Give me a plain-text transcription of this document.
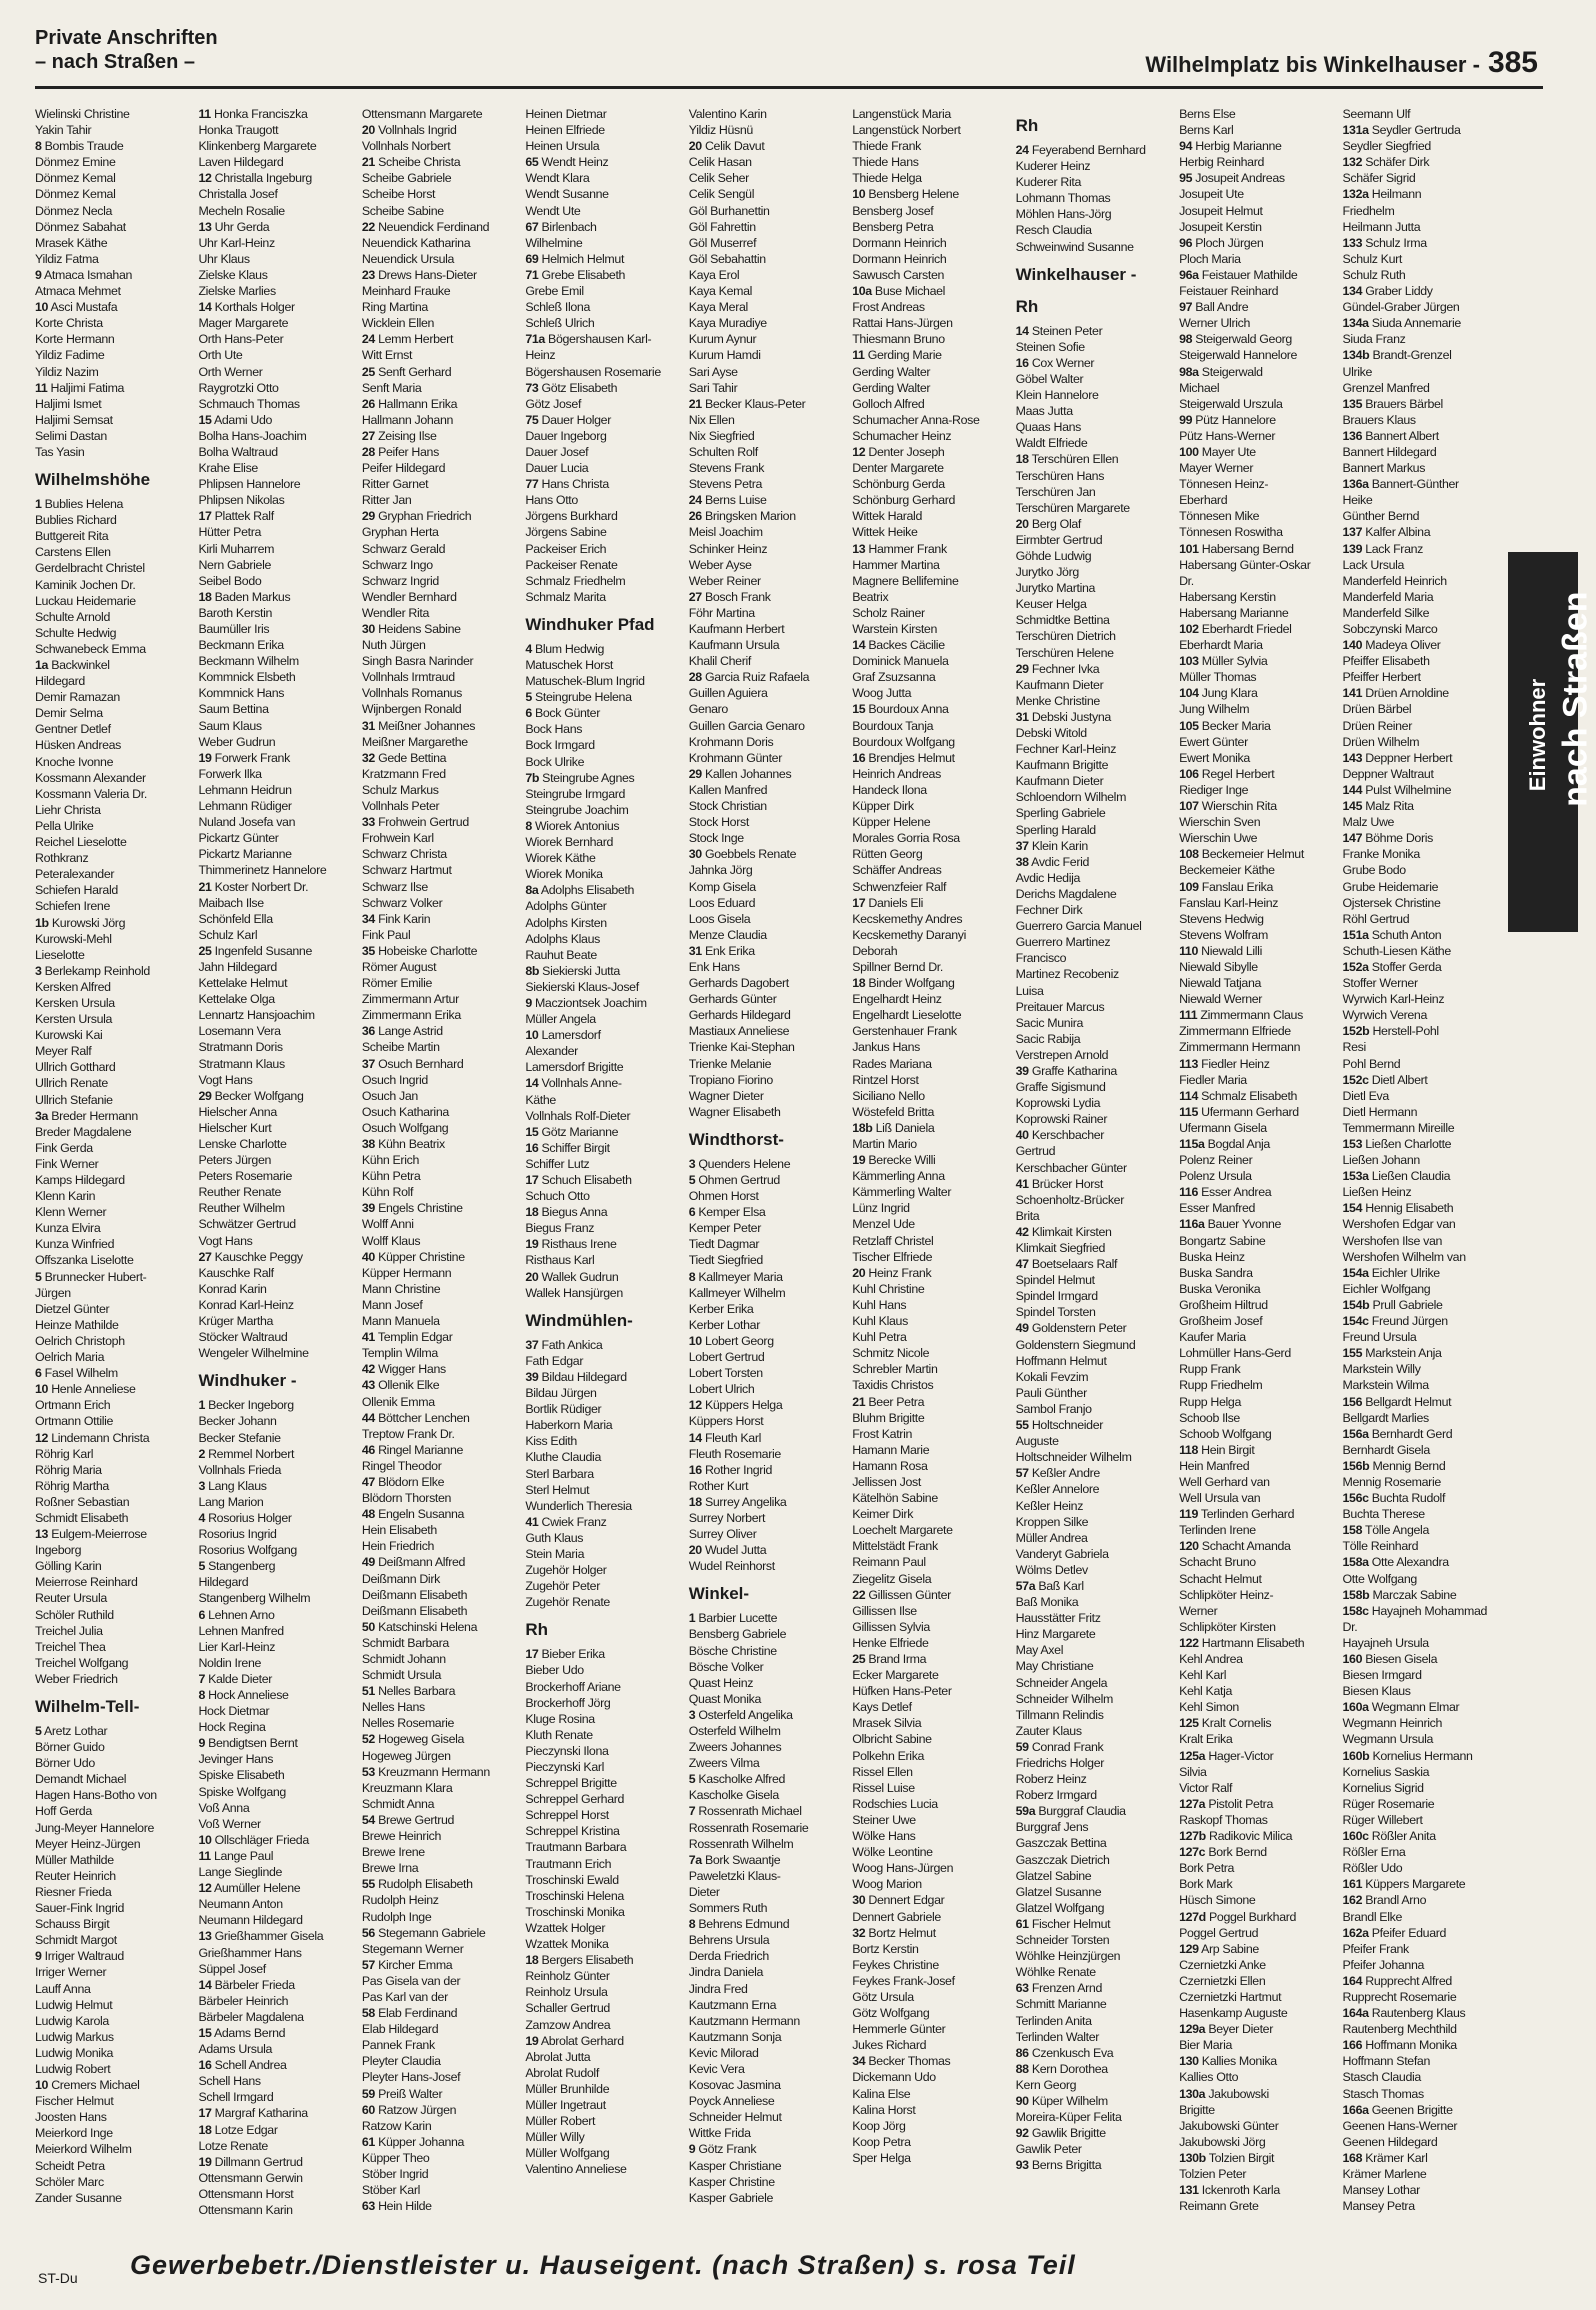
Private Anschriften
– nach Straßen –	Wilhelmplatz bis Winkelhauser - 385
Wielinski Christine
Yakin Tahir
8 Bombis Traude
Dönmez Emine
Dönmez Kemal
Dönmez Kemal
Dönmez Necla
Dönmez Sabahat
Mrasek Käthe
Yildiz Fatma
9 Atmaca Ismahan
Atmaca Mehmet
10 Asci Mustafa
Korte Christa
Korte Hermann
Yildiz Fadime
Yildiz Nazim
11 Haljimi Fatima
Haljimi Ismet
Haljimi Semsat
Selimi Dastan
Tas Yasin
Wilhelmshöhe
1 Bublies Helena
Bublies Richard
Buttgereit Rita
Carstens Ellen
Gerdelbracht Christel
Kaminik Jochen Dr.
Luckau Heidemarie
Schulte Arnold
Schulte Hedwig
Schwanebeck Emma
1a Backwinkel
Hildegard
Demir Ramazan
Demir Selma
Gentner Detlef
Hüsken Andreas
Knoche Ivonne
Kossmann Alexander
Kossmann Valeria Dr.
Liehr Christa
Pella Ulrike
Reichel Lieselotte
Rothkranz
Peteralexander
Schiefen Harald
Schiefen Irene
1b Kurowski Jörg
Kurowski-Mehl
Lieselotte
3 Berlekamp Reinhold
Kersken Alfred
Kersken Ursula
Kersten Ursula
Kurowski Kai
Meyer Ralf
Ullrich Gotthard
Ullrich Renate
Ullrich Stefanie
3a Breder Hermann
Breder Magdalene
Fink Gerda
Fink Werner
Kamps Hildegard
Klenn Karin
Klenn Werner
Kunza Elvira
Kunza Winfried
Offszanka Liselotte
5 Brunnecker Hubert-
Jürgen
Dietzel Günter
Heinze Mathilde
Oelrich Christoph
Oelrich Maria
6 Fasel Wilhelm
10 Henle Anneliese
Ortmann Erich
Ortmann Ottilie
12 Lindemann Christa
Röhrig Karl
Röhrig Maria
Röhrig Martha
Roßner Sebastian
Schmidt Elisabeth
13 Eulgem-Meierrose
Ingeborg
Gölling Karin
Meierrose Reinhard
Reuter Ursula
Schöler Ruthild
Treichel Julia
Treichel Thea
Treichel Wolfgang
Weber Friedrich
Wilhelm-Tell-
5 Aretz Lothar
Börner Guido
Börner Udo
Demandt Michael
Hagen Hans-Botho von
Hoff Gerda
Jung-Meyer Hannelore
Meyer Heinz-Jürgen
Müller Mathilde
Reuter Heinrich
Riesner Frieda
Sauer-Fink Ingrid
Schauss Birgit
Schmidt Margot
9 Irriger Waltraud
Irriger Werner
Lauff Anna
Ludwig Helmut
Ludwig Karola
Ludwig Markus
Ludwig Monika
Ludwig Robert
10 Cremers Michael
Fischer Helmut
Joosten Hans
Meierkord Inge
Meierkord Wilhelm
Scheidt Petra
Schöler Marc
Zander Susanne
11 Honka Franciszka
Honka Traugott
Klinkenberg Margarete
Laven Hildegard
12 Christalla Ingeburg
Christalla Josef
Mecheln Rosalie
13 Uhr Gerda
Uhr Karl-Heinz
Uhr Klaus
Zielske Klaus
Zielske Marlies
14 Korthals Holger
Mager Margarete
Orth Hans-Peter
Orth Ute
Orth Werner
Raygrotzki Otto
Schmauch Thomas
15 Adami Udo
Bolha Hans-Joachim
Bolha Waltraud
Krahe Elise
Phlipsen Hannelore
Phlipsen Nikolas
17 Plattek Ralf
Hütter Petra
Kirli Muharrem
Nern Gabriele
Seibel Bodo
18 Baden Markus
Baroth Kerstin
Baumüller Iris
Beckmann Erika
Beckmann Wilhelm
Kommnick Elsbeth
Kommnick Hans
Saum Bettina
Saum Klaus
Weber Gudrun
19 Forwerk Frank
Forwerk Ilka
Lehmann Heidrun
Lehmann Rüdiger
Nuland Josefa van
Pickartz Günter
Pickartz Marianne
Thimmerinetz Hannelore
21 Koster Norbert Dr.
Maibach Ilse
Schönfeld Ella
Schulz Karl
25 Ingenfeld Susanne
Jahn Hildegard
Kettelake Helmut
Kettelake Olga
Lennartz Hansjoachim
Losemann Vera
Stratmann Doris
Stratmann Klaus
Vogt Hans
29 Becker Wolfgang
Hielscher Anna
Hielscher Kurt
Lenske Charlotte
Peters Jürgen
Peters Rosemarie
Reuther Renate
Reuther Wilhelm
Schwätzer Gertrud
Vogt Hans
27 Kauschke Peggy
Kauschke Ralf
Konrad Karin
Konrad Karl-Heinz
Krüger Martha
Stöcker Waltraud
Wengeler Wilhelmine
Windhuker -
1 Becker Ingeborg
Becker Johann
Becker Stefanie
2 Remmel Norbert
Vollnhals Frieda
3 Lang Klaus
Lang Marion
4 Rosorius Holger
Rosorius Ingrid
Rosorius Wolfgang
5 Stangenberg
Hildegard
Stangenberg Wilhelm
6 Lehnen Arno
Lehnen Manfred
Lier Karl-Heinz
Noldin Irene
7 Kalde Dieter
8 Hock Anneliese
Hock Dietmar
Hock Regina
9 Bendigtsen Bernt
Jevinger Hans
Spiske Elisabeth
Spiske Wolfgang
Voß Anna
Voß Werner
10 Ollschläger Frieda
11 Lange Paul
Lange Sieglinde
12 Aumüller Helene
Neumann Anton
Neumann Hildegard
13 Grießhammer Gisela
Grießhammer Hans
Süppel Josef
14 Bärbeler Frieda
Bärbeler Heinrich
Bärbeler Magdalena
15 Adams Bernd
Adams Ursula
16 Schell Andrea
Schell Hans
Schell Irmgard
17 Margraf Katharina
18 Lotze Edgar
Lotze Renate
19 Dillmann Gertrud
Ottensmann Gerwin
Ottensmann Horst
Ottensmann Karin
Ottensmann Margarete
20 Vollnhals Ingrid
Vollnhals Norbert
21 Scheibe Christa
Scheibe Gabriele
Scheibe Horst
Scheibe Sabine
22 Neuendick Ferdinand
Neuendick Katharina
Neuendick Ursula
23 Drews Hans-Dieter
Meinhard Frauke
Ring Martina
Wicklein Ellen
24 Lemm Herbert
Witt Ernst
25 Senft Gerhard
Senft Maria
26 Hallmann Erika
Hallmann Johann
27 Zeising Ilse
28 Peifer Hans
Peifer Hildegard
Ritter Garnet
Ritter Jan
29 Gryphan Friedrich
Gryphan Herta
Schwarz Gerald
Schwarz Ingo
Schwarz Ingrid
Wendler Bernhard
Wendler Rita
30 Heidens Sabine
Nuth Jürgen
Singh Basra Narinder
Vollnhals Irmtraud
Vollnhals Romanus
Wijnbergen Ronald
31 Meißner Johannes
Meißner Margarethe
32 Gede Bettina
Kratzmann Fred
Schulz Markus
Vollnhals Peter
33 Frohwein Gertrud
Frohwein Karl
Schwarz Christa
Schwarz Hartmut
Schwarz Ilse
Schwarz Volker
34 Fink Karin
Fink Paul
35 Hobeiske Charlotte
Römer August
Römer Emilie
Zimmermann Artur
Zimmermann Erika
36 Lange Astrid
Scheibe Martin
37 Osuch Bernhard
Osuch Ingrid
Osuch Jan
Osuch Katharina
Osuch Wolfgang
38 Kühn Beatrix
Kühn Erich
Kühn Petra
Kühn Rolf
39 Engels Christine
Wolff Anni
Wolff Klaus
40 Küpper Christine
Küpper Hermann
Mann Christine
Mann Josef
Mann Manuela
41 Templin Edgar
Templin Wilma
42 Wigger Hans
43 Ollenik Elke
Ollenik Emma
44 Böttcher Lenchen
Treptow Frank Dr.
46 Ringel Marianne
Ringel Theodor
47 Blödorn Elke
Blödorn Thorsten
48 Engeln Susanna
Hein Elisabeth
Hein Friedrich
49 Deißmann Alfred
Deißmann Dirk
Deißmann Elisabeth
Deißmann Elisabeth
50 Katschinski Helena
Schmidt Barbara
Schmidt Johann
Schmidt Ursula
51 Nelles Barbara
Nelles Hans
Nelles Rosemarie
52 Hogeweg Gisela
Hogeweg Jürgen
53 Kreuzmann Hermann
Kreuzmann Klara
Schmidt Anna
54 Brewe Gertrud
Brewe Heinrich
Brewe Irene
Brewe Irna
55 Rudolph Elisabeth
Rudolph Heinz
Rudolph Inge
56 Stegemann Gabriele
Stegemann Werner
57 Kircher Emma
Pas Gisela van der
Pas Karl van der
58 Elab Ferdinand
Elab Hildegard
Pannek Frank
Pleyter Claudia
Pleyter Hans-Josef
59 Preiß Walter
60 Ratzow Jürgen
Ratzow Karin
61 Küpper Johanna
Küpper Theo
Stöber Ingrid
Stöber Karl
63 Hein Hilde
Heinen Dietmar
Heinen Elfriede
Heinen Ursula
65 Wendt Heinz
Wendt Klara
Wendt Susanne
Wendt Ute
67 Birlenbach
Wilhelmine
69 Helmich Helmut
71 Grebe Elisabeth
Grebe Emil
Schleß Ilona
Schleß Ulrich
71a Bögershausen Karl-
Heinz
Bögershausen Rosemarie
73 Götz Elisabeth
Götz Josef
75 Dauer Holger
Dauer Ingeborg
Dauer Josef
Dauer Lucia
77 Hans Christa
Hans Otto
Jörgens Burkhard
Jörgens Sabine
Packeiser Erich
Packeiser Renate
Schmalz Friedhelm
Schmalz Marita
Windhuker Pfad
4 Blum Hedwig
Matuschek Horst
Matuschek-Blum Ingrid
5 Steingrube Helena
6 Bock Günter
Bock Hans
Bock Irmgard
Bock Ulrike
7b Steingrube Agnes
Steingrube Irmgard
Steingrube Joachim
8 Wiorek Antonius
Wiorek Bernhard
Wiorek Käthe
Wiorek Monika
8a Adolphs Elisabeth
Adolphs Günter
Adolphs Kirsten
Adolphs Klaus
Rauhut Beate
8b Siekierski Jutta
Siekierski Klaus-Josef
9 Macziontsek Joachim
Müller Angela
10 Lamersdorf
Alexander
Lamersdorf Brigitte
14 Vollnhals Anne-
Käthe
Vollnhals Rolf-Dieter
15 Götz Marianne
16 Schiffer Birgit
Schiffer Lutz
17 Schuch Elisabeth
Schuch Otto
18 Biegus Anna
Biegus Franz
19 Risthaus Irene
Risthaus Karl
20 Wallek Gudrun
Wallek Hansjürgen
Windmühlen-
37 Fath Ankica
Fath Edgar
39 Bildau Hildegard
Bildau Jürgen
Bortlik Rüdiger
Haberkorn Maria
Kiss Edith
Kluthe Claudia
Sterl Barbara
Sterl Helmut
Wunderlich Theresia
41 Cwiek Franz
Guth Klaus
Stein Maria
Zugehör Holger
Zugehör Peter
Zugehör Renate
Rh
17 Bieber Erika
Bieber Udo
Brockerhoff Ariane
Brockerhoff Jörg
Kluge Rosina
Kluth Renate
Pieczynski Ilona
Pieczynski Karl
Schreppel Brigitte
Schreppel Gerhard
Schreppel Horst
Schreppel Kristina
Trautmann Barbara
Trautmann Erich
Troschinski Ewald
Troschinski Helena
Troschinski Monika
Wzattek Holger
Wzattek Monika
18 Bergers Elisabeth
Reinholz Günter
Reinholz Ursula
Schaller Gertrud
Zamzow Andrea
19 Abrolat Gerhard
Abrolat Jutta
Abrolat Rudolf
Müller Brunhilde
Müller Ingetraut
Müller Robert
Müller Willy
Müller Wolfgang
Valentino Anneliese
Valentino Karin
Yildiz Hüsnü
20 Celik Davut
Celik Hasan
Celik Seher
Celik Sengül
Göl Burhanettin
Göl Fahrettin
Göl Muserref
Göl Sebahattin
Kaya Erol
Kaya Kemal
Kaya Meral
Kaya Muradiye
Kurum Aynur
Kurum Hamdi
Sari Ayse
Sari Tahir
21 Becker Klaus-Peter
Nix Ellen
Nix Siegfried
Schulten Rolf
Stevens Frank
Stevens Petra
24 Berns Luise
26 Bringsken Marion
Meisl Joachim
Schinker Heinz
Weber Ayse
Weber Reiner
27 Bosch Frank
Föhr Martina
Kaufmann Herbert
Kaufmann Ursula
Khalil Cherif
28 Garcia Ruiz Rafaela
Guillen Aguiera
Genaro
Guillen Garcia Genaro
Krohmann Doris
Krohmann Günter
29 Kallen Johannes
Kallen Manfred
Stock Christian
Stock Horst
Stock Inge
30 Goebbels Renate
Jahnka Jörg
Komp Gisela
Loos Eduard
Loos Gisela
Menze Claudia
31 Enk Erika
Enk Hans
Gerhards Dagobert
Gerhards Günter
Gerhards Hildegard
Mastiaux Anneliese
Trienke Kai-Stephan
Trienke Melanie
Tropiano Fiorino
Wagner Dieter
Wagner Elisabeth
Windthorst-
3 Quenders Helene
5 Ohmen Gertrud
Ohmen Horst
6 Kemper Elsa
Kemper Peter
Tiedt Dagmar
Tiedt Siegfried
8 Kallmeyer Maria
Kallmeyer Wilhelm
Kerber Erika
Kerber Lothar
10 Lobert Georg
Lobert Gertrud
Lobert Torsten
Lobert Ulrich
12 Küppers Helga
Küppers Horst
14 Fleuth Karl
Fleuth Rosemarie
16 Rother Ingrid
Rother Kurt
18 Surrey Angelika
Surrey Norbert
Surrey Oliver
20 Wudel Jutta
Wudel Reinhorst
Winkel-
1 Barbier Lucette
Bensberg Gabriele
Bösche Christine
Bösche Volker
Quast Heinz
Quast Monika
3 Osterfeld Angelika
Osterfeld Wilhelm
Zweers Johannes
Zweers Vilma
5 Kascholke Alfred
Kascholke Gisela
7 Rossenrath Michael
Rossenrath Rosemarie
Rossenrath Wilhelm
7a Bork Swaantje
Paweletzki Klaus-
Dieter
Sommers Ruth
8 Behrens Edmund
Behrens Ursula
Derda Friedrich
Jindra Daniela
Jindra Fred
Kautzmann Erna
Kautzmann Hermann
Kautzmann Sonja
Kevic Milorad
Kevic Vera
Kosovac Jasmina
Poyck Anneliese
Schneider Helmut
Wittke Frida
9 Götz Frank
Kasper Christiane
Kasper Christine
Kasper Gabriele
Langenstück Maria
Langenstück Norbert
Thiede Frank
Thiede Hans
Thiede Helga
10 Bensberg Helene
Bensberg Josef
Bensberg Petra
Dormann Heinrich
Dormann Heinrich
Sawusch Carsten
10a Buse Michael
Frost Andreas
Rattai Hans-Jürgen
Thiesmann Bruno
11 Gerding Marie
Gerding Walter
Gerding Walter
Golloch Alfred
Schumacher Anna-Rose
Schumacher Heinz
12 Denter Joseph
Denter Margarete
Schönburg Gerda
Schönburg Gerhard
Wittek Harald
Wittek Heike
13 Hammer Frank
Hammer Martina
Magnere Bellifemine
Beatrix
Scholz Rainer
Warstein Kirsten
14 Backes Cäcilie
Dominick Manuela
Graf Zsuzsanna
Woog Jutta
15 Bourdoux Anna
Bourdoux Tanja
Bourdoux Wolfgang
16 Brendjes Helmut
Heinrich Andreas
Handeck Ilona
Küpper Dirk
Küpper Helene
Morales Gorria Rosa
Rütten Georg
Schäffer Andreas
Schwenzfeier Ralf
17 Daniels Eli
Kecskemethy Andres
Kecskemethy Daranyi
Deborah
Spillner Bernd Dr.
18 Binder Wolfgang
Engelhardt Heinz
Engelhardt Lieselotte
Gerstenhauer Frank
Jankus Hans
Rades Mariana
Rintzel Horst
Siciliano Nello
Wöstefeld Britta
18b Liß Daniela
Martin Mario
19 Berecke Willi
Kämmerling Anna
Kämmerling Walter
Lünz Ingrid
Menzel Ude
Retzlaff Christel
Tischer Elfriede
20 Heinz Frank
Kuhl Christine
Kuhl Hans
Kuhl Klaus
Kuhl Petra
Schmitz Nicole
Schrebler Martin
Taxidis Christos
21 Beer Petra
Bluhm Brigitte
Frost Katrin
Hamann Marie
Hamann Rosa
Jellissen Jost
Kätelhön Sabine
Keimer Dirk
Loechelt Margarete
Mittelstädt Frank
Reimann Paul
Ziegelitz Gisela
22 Gillissen Günter
Gillissen Ilse
Gillissen Sylvia
Henke Elfriede
25 Brand Irma
Ecker Margarete
Hüfken Hans-Peter
Kays Detlef
Mrasek Silvia
Olbricht Sabine
Polkehn Erika
Rissel Ellen
Rissel Luise
Rodschies Lucia
Steiner Uwe
Wölke Hans
Wölke Leontine
Woog Hans-Jürgen
Woog Marion
30 Dennert Edgar
Dennert Gabriele
32 Bortz Helmut
Bortz Kerstin
Feykes Christine
Feykes Frank-Josef
Götz Ursula
Götz Wolfgang
Hemmerle Günter
Jukes Richard
34 Becker Thomas
Dickemann Udo
Kalina Else
Kalina Horst
Koop Jörg
Koop Petra
Sper Helga
Rh
24 Feyerabend Bernhard
Kuderer Heinz
Kuderer Rita
Lohmann Thomas
Möhlen Hans-Jörg
Resch Claudia
Schweinwind Susanne
Winkelhauser -
Rh
14 Steinen Peter
Steinen Sofie
16 Cox Werner
Göbel Walter
Klein Hannelore
Maas Jutta
Quaas Hans
Waldt Elfriede
18 Terschüren Ellen
Terschüren Hans
Terschüren Jan
Terschüren Margarete
20 Berg Olaf
Eirmbter Gertrud
Göhde Ludwig
Jurytko Jörg
Jurytko Martina
Keuser Helga
Schmidtke Bettina
Terschüren Dietrich
Terschüren Helene
29 Fechner Ivka
Kaufmann Dieter
Menke Christine
31 Debski Justyna
Debski Witold
Fechner Karl-Heinz
Kaufmann Brigitte
Kaufmann Dieter
Schloendorn Wilhelm
Sperling Gabriele
Sperling Harald
37 Klein Karin
38 Avdic Ferid
Avdic Hedija
Derichs Magdalene
Fechner Dirk
Guerrero Garcia Manuel
Guerrero Martinez
Francisco
Martinez Recobeniz
Luisa
Preitauer Marcus
Sacic Munira
Sacic Rabija
Verstrepen Arnold
39 Graffe Katharina
Graffe Sigismund
Koprowski Lydia
Koprowski Rainer
40 Kerschbacher
Gertrud
Kerschbacher Günter
41 Brücker Horst
Schoenholtz-Brücker
Brita
42 Klimkait Kirsten
Klimkait Siegfried
47 Boetselaars Ralf
Spindel Helmut
Spindel Irmgard
Spindel Torsten
49 Goldenstern Peter
Goldenstern Siegmund
Hoffmann Helmut
Kokali Fevzim
Pauli Günther
Sambol Franjo
55 Holtschneider
Auguste
Holtschneider Wilhelm
57 Keßler Andre
Keßler Annelore
Keßler Heinz
Kroppen Silke
Müller Andrea
Vanderyt Gabriela
Wölms Detlev
57a Baß Karl
Baß Monika
Hausstätter Fritz
Hinz Margarete
May Axel
May Christiane
Schneider Angela
Schneider Wilhelm
Tillmann Relindis
Zauter Klaus
59 Conrad Frank
Friedrichs Holger
Roberz Heinz
Roberz Irmgard
59a Burggraf Claudia
Burggraf Jens
Gaszczak Bettina
Gaszczak Dietrich
Glatzel Sabine
Glatzel Susanne
Glatzel Wolfgang
61 Fischer Helmut
Schneider Torsten
Wöhlke Heinzjürgen
Wöhlke Renate
63 Frenzen Arnd
Schmitt Marianne
Terlinden Anita
Terlinden Walter
86 Czenkusch Eva
88 Kern Dorothea
Kern Georg
90 Küper Wilhelm
Moreira-Küper Felita
92 Gawlik Brigitte
Gawlik Peter
93 Berns Brigitta
Berns Else
Berns Karl
94 Herbig Marianne
Herbig Reinhard
95 Josupeit Andreas
Josupeit Ute
Josupeit Helmut
Josupeit Kerstin
96 Ploch Jürgen
Ploch Maria
96a Feistauer Mathilde
Feistauer Reinhard
97 Ball Andre
Werner Ulrich
98 Steigerwald Georg
Steigerwald Hannelore
98a Steigerwald
Michael
Steigerwald Urszula
99 Pütz Hannelore
Pütz Hans-Werner
100 Mayer Ute
Mayer Werner
Tönnesen Heinz-
Eberhard
Tönnesen Mike
Tönnesen Roswitha
101 Habersang Bernd
Habersang Günter-Oskar
Dr.
Habersang Kerstin
Habersang Marianne
102 Eberhardt Friedel
Eberhardt Maria
103 Müller Sylvia
Müller Thomas
104 Jung Klara
Jung Wilhelm
105 Becker Maria
Ewert Günter
Ewert Monika
106 Regel Herbert
Riediger Inge
107 Wierschin Rita
Wierschin Sven
Wierschin Uwe
108 Beckemeier Helmut
Beckemeier Käthe
109 Fanslau Erika
Fanslau Karl-Heinz
Stevens Hedwig
Stevens Wolfram
110 Niewald Lilli
Niewald Sibylle
Niewald Tatjana
Niewald Werner
111 Zimmermann Claus
Zimmermann Elfriede
Zimmermann Hermann
113 Fiedler Heinz
Fiedler Maria
114 Schmalz Elisabeth
115 Ufermann Gerhard
Ufermann Gisela
115a Bogdal Anja
Polenz Reiner
Polenz Ursula
116 Esser Andrea
Esser Manfred
116a Bauer Yvonne
Bongartz Sabine
Buska Heinz
Buska Sandra
Buska Veronika
Großheim Hiltrud
Großheim Josef
Kaufer Maria
Lohmüller Hans-Gerd
Rupp Frank
Rupp Friedhelm
Rupp Helga
Schoob Ilse
Schoob Wolfgang
118 Hein Birgit
Hein Manfred
Well Gerhard van
Well Ursula van
119 Terlinden Gerhard
Terlinden Irene
120 Schacht Amanda
Schacht Bruno
Schacht Helmut
Schlipköter Heinz-
Werner
Schlipköter Kirsten
122 Hartmann Elisabeth
Kehl Andrea
Kehl Karl
Kehl Katja
Kehl Simon
125 Kralt Cornelis
Kralt Erika
125a Hager-Victor
Silvia
Victor Ralf
127a Pistolit Petra
Raskopf Thomas
127b Radikovic Milica
127c Bork Bernd
Bork Petra
Bork Mark
Hüsch Simone
127d Poggel Burkhard
Poggel Gertrud
129 Arp Sabine
Czernietzki Anke
Czernietzki Ellen
Czernietzki Hartmut
Hasenkamp Auguste
129a Beyer Dieter
Bier Maria
130 Kallies Monika
Kallies Otto
130a Jakubowski
Brigitte
Jakubowski Günter
Jakubowski Jörg
130b Tolzien Birgit
Tolzien Peter
131 Ickenroth Karla
Reimann Grete
Seemann Ulf
131a Seydler Gertruda
Seydler Siegfried
132 Schäfer Dirk
Schäfer Sigrid
132a Heilmann
Friedhelm
Heilmann Jutta
133 Schulz Irma
Schulz Kurt
Schulz Ruth
134 Graber Liddy
Gündel-Graber Jürgen
134a Siuda Annemarie
Siuda Franz
134b Brandt-Grenzel
Ulrike
Grenzel Manfred
135 Brauers Bärbel
Brauers Klaus
136 Bannert Albert
Bannert Hildegard
Bannert Markus
136a Bannert-Günther
Heike
Günther Bernd
137 Kalfer Albina
139 Lack Franz
Lack Ursula
Manderfeld Heinrich
Manderfeld Maria
Manderfeld Silke
Sobczynski Marco
140 Madeya Oliver
Pfeiffer Elisabeth
Pfeiffer Herbert
141 Drüen Arnoldine
Drüen Bärbel
Drüen Reiner
Drüen Wilhelm
143 Deppner Herbert
Deppner Waltraut
144 Pulst Wilhelmine
145 Malz Rita
Malz Uwe
147 Böhme Doris
Franke Monika
Grube Bodo
Grube Heidemarie
Ojstersek Christine
Röhl Gertrud
151a Schuth Anton
Schuth-Liesen Käthe
152a Stoffer Gerda
Stoffer Werner
Wyrwich Karl-Heinz
Wyrwich Verena
152b Herstell-Pohl
Resi
Pohl Bernd
152c Dietl Albert
Dietl Eva
Dietl Hermann
Temmermann Mireille
153 Ließen Charlotte
Ließen Johann
153a Ließen Claudia
Ließen Heinz
154 Hennig Elisabeth
Wershofen Edgar van
Wershofen Ilse van
Wershofen Wilhelm van
154a Eichler Ulrike
Eichler Wolfgang
154b Prull Gabriele
154c Freund Jürgen
Freund Ursula
155 Markstein Anja
Markstein Willy
Markstein Wilma
156 Bellgardt Helmut
Bellgardt Marlies
156a Bernhardt Gerd
Bernhardt Gisela
156b Mennig Bernd
Mennig Rosemarie
156c Buchta Rudolf
Buchta Therese
158 Tölle Angela
Tölle Reinhard
158a Otte Alexandra
Otte Wolfgang
158b Marczak Sabine
158c Hayajneh Mohammad
Dr.
Hayajneh Ursula
160 Biesen Gisela
Biesen Irmgard
Biesen Klaus
160a Wegmann Elmar
Wegmann Heinrich
Wegmann Ursula
160b Kornelius Hermann
Kornelius Saskia
Kornelius Sigrid
Rüger Rosemarie
Rüger Willebert
160c Rößler Anita
Rößler Erna
Rößler Udo
161 Küppers Margarete
162 Brandl Arno
Brandl Elke
162a Pfeifer Eduard
Pfeifer Frank
Pfeifer Johanna
164 Rupprecht Alfred
Rupprecht Rosemarie
164a Rautenberg Klaus
Rautenberg Mechthild
166 Hoffmann Monika
Hoffmann Stefan
Stasch Claudia
Stasch Thomas
166a Geenen Brigitte
Geenen Hans-Werner
Geenen Hildegard
168 Krämer Karl
Krämer Marlene
Mansey Lothar
Mansey Petra
Einwohner nach Straßen
ST-Du Gewerbebetr./Dienstleister u. Hauseigent. (nach Straßen) s. rosa Teil
